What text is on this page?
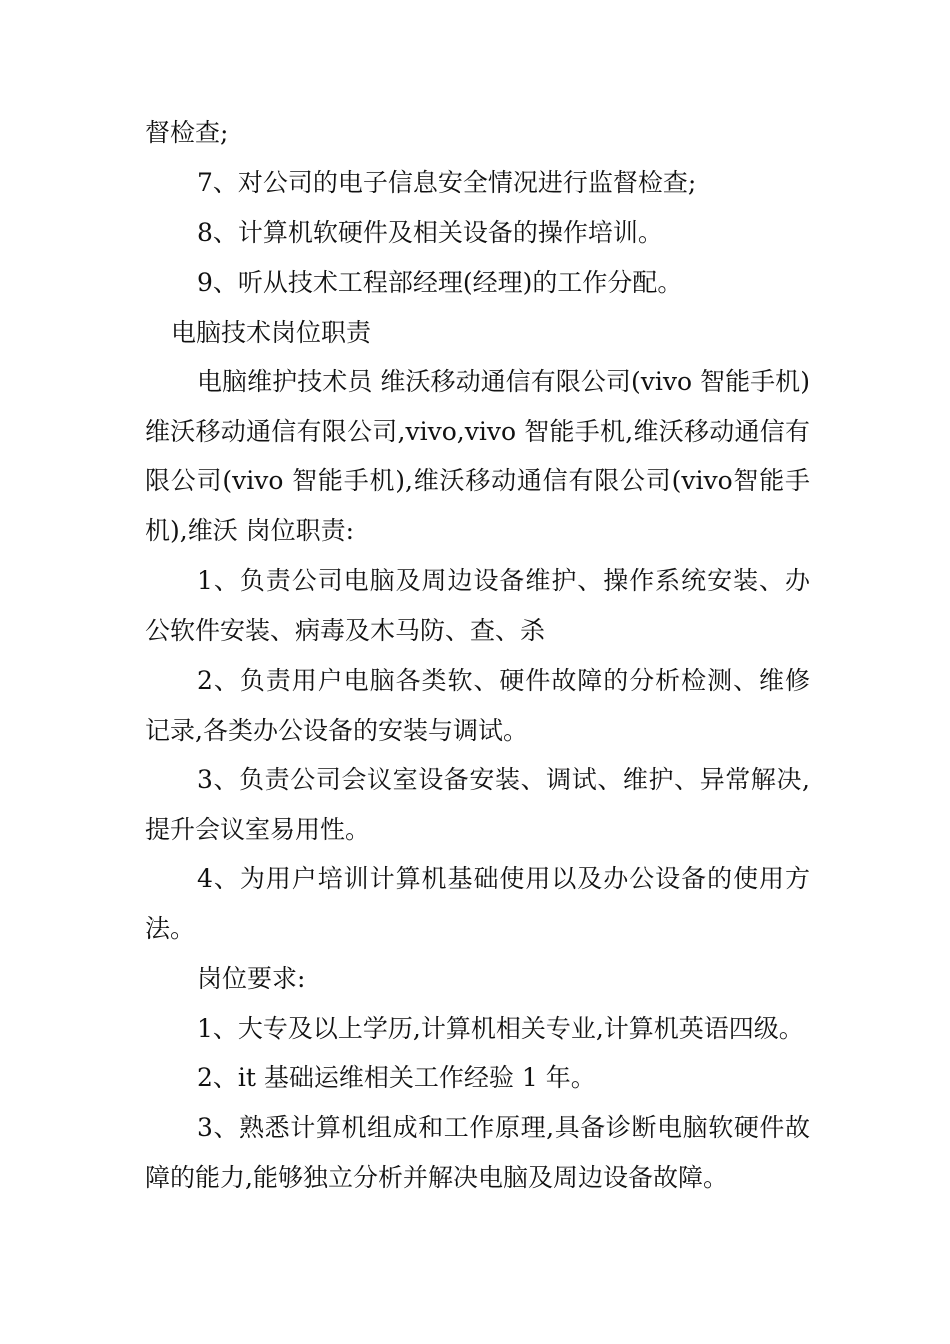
督检查;

7、对公司的电子信息安全情况进行监督检查;

8、计算机软硬件及相关设备的操作培训。

9、听从技术工程部经理(经理)的工作分配。

电脑技术岗位职责

电脑维护技术员 维沃移动通信有限公司(vivo 智能手机) 维沃移动通信有限公司,vivo,vivo 智能手机,维沃移动通信有限公司(vivo 智能手机),维沃移动通信有限公司(vivo智能手机),维沃 岗位职责:

1、负责公司电脑及周边设备维护、操作系统安装、办公软件安装、病毒及木马防、查、杀

2、负责用户电脑各类软、硬件故障的分析检测、维修记录,各类办公设备的安装与调试。

3、负责公司会议室设备安装、调试、维护、异常解决,提升会议室易用性。

4、为用户培训计算机基础使用以及办公设备的使用方法。

岗位要求:

1、大专及以上学历,计算机相关专业,计算机英语四级。

2、it 基础运维相关工作经验 1 年。

3、熟悉计算机组成和工作原理,具备诊断电脑软硬件故障的能力,能够独立分析并解决电脑及周边设备故障。
